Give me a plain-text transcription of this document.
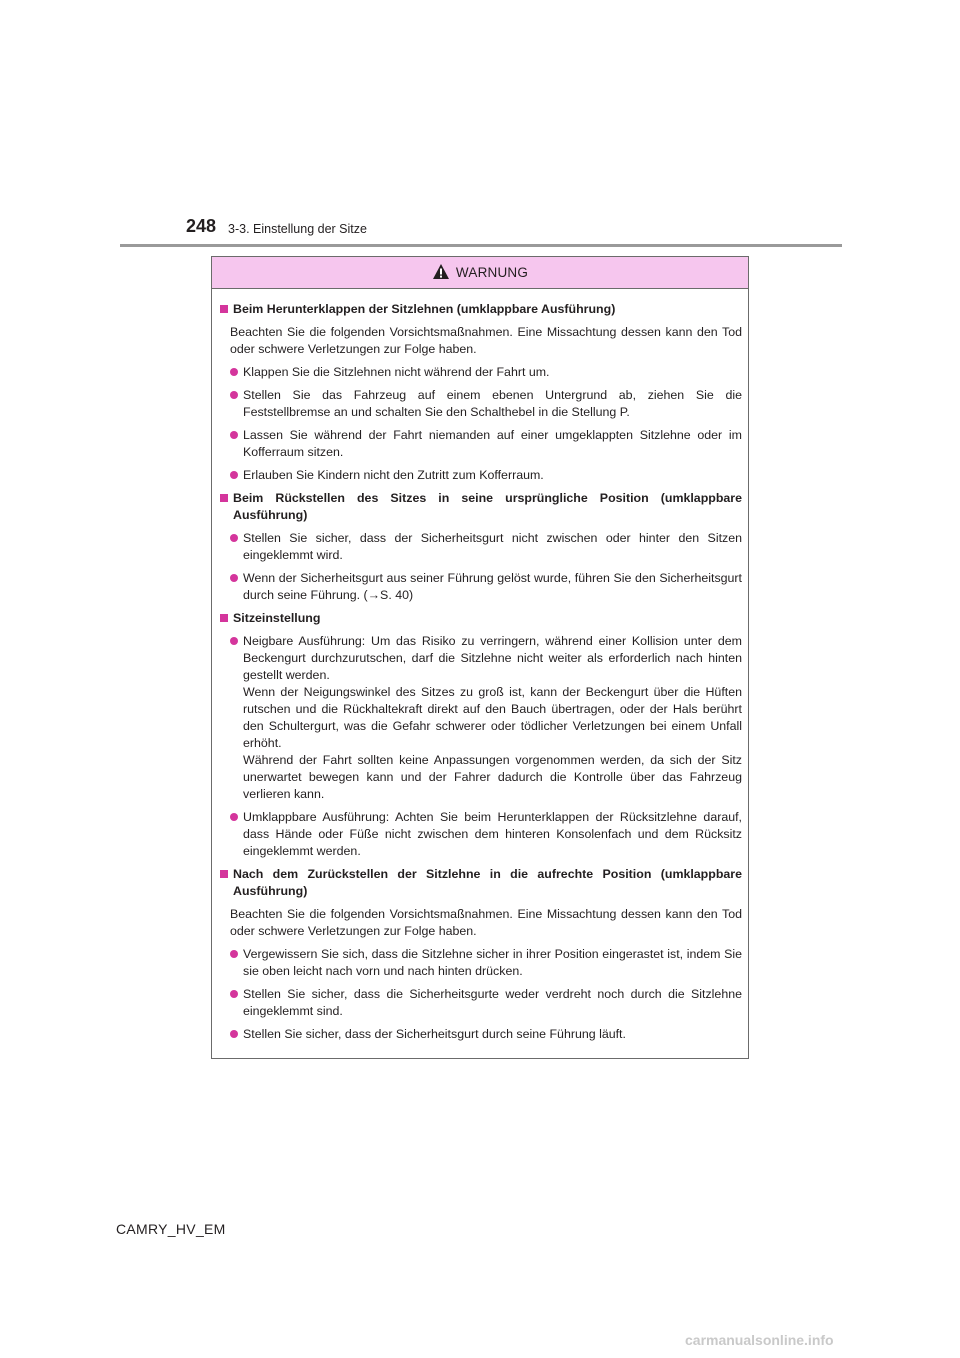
248 3-3. Einstellung der Sitze
WARNUNG
Beim Herunterklappen der Sitzlehnen (umklappbare Ausführung)
Beachten Sie die folgenden Vorsichtsmaßnahmen. Eine Missachtung dessen kann den Tod oder schwere Verletzungen zur Folge haben.
Klappen Sie die Sitzlehnen nicht während der Fahrt um.
Stellen Sie das Fahrzeug auf einem ebenen Untergrund ab, ziehen Sie die Feststellbremse an und schalten Sie den Schalthebel in die Stellung P.
Lassen Sie während der Fahrt niemanden auf einer umgeklappten Sitzlehne oder im Kofferraum sitzen.
Erlauben Sie Kindern nicht den Zutritt zum Kofferraum.
Beim Rückstellen des Sitzes in seine ursprüngliche Position (umklappbare Ausführung)
Stellen Sie sicher, dass der Sicherheitsgurt nicht zwischen oder hinter den Sitzen eingeklemmt wird.
Wenn der Sicherheitsgurt aus seiner Führung gelöst wurde, führen Sie den Sicherheitsgurt durch seine Führung. (→S. 40)
Sitzeinstellung
Neigbare Ausführung: Um das Risiko zu verringern, während einer Kollision unter dem Beckengurt durchzurutschen, darf die Sitzlehne nicht weiter als erforderlich nach hinten gestellt werden.
Wenn der Neigungswinkel des Sitzes zu groß ist, kann der Beckengurt über die Hüften rutschen und die Rückhaltekraft direkt auf den Bauch übertragen, oder der Hals berührt den Schultergurt, was die Gefahr schwerer oder tödlicher Verletzungen bei einem Unfall erhöht.
Während der Fahrt sollten keine Anpassungen vorgenommen werden, da sich der Sitz unerwartet bewegen kann und der Fahrer dadurch die Kontrolle über das Fahrzeug verlieren kann.
Umklappbare Ausführung: Achten Sie beim Herunterklappen der Rücksitzlehne darauf, dass Hände oder Füße nicht zwischen dem hinteren Konsolenfach und dem Rücksitz eingeklemmt werden.
Nach dem Zurückstellen der Sitzlehne in die aufrechte Position (umklappbare Ausführung)
Beachten Sie die folgenden Vorsichtsmaßnahmen. Eine Missachtung dessen kann den Tod oder schwere Verletzungen zur Folge haben.
Vergewissern Sie sich, dass die Sitzlehne sicher in ihrer Position eingerastet ist, indem Sie sie oben leicht nach vorn und nach hinten drücken.
Stellen Sie sicher, dass die Sicherheitsgurte weder verdreht noch durch die Sitzlehne eingeklemmt sind.
Stellen Sie sicher, dass der Sicherheitsgurt durch seine Führung läuft.
CAMRY_HV_EM
carmanualsonline.info
